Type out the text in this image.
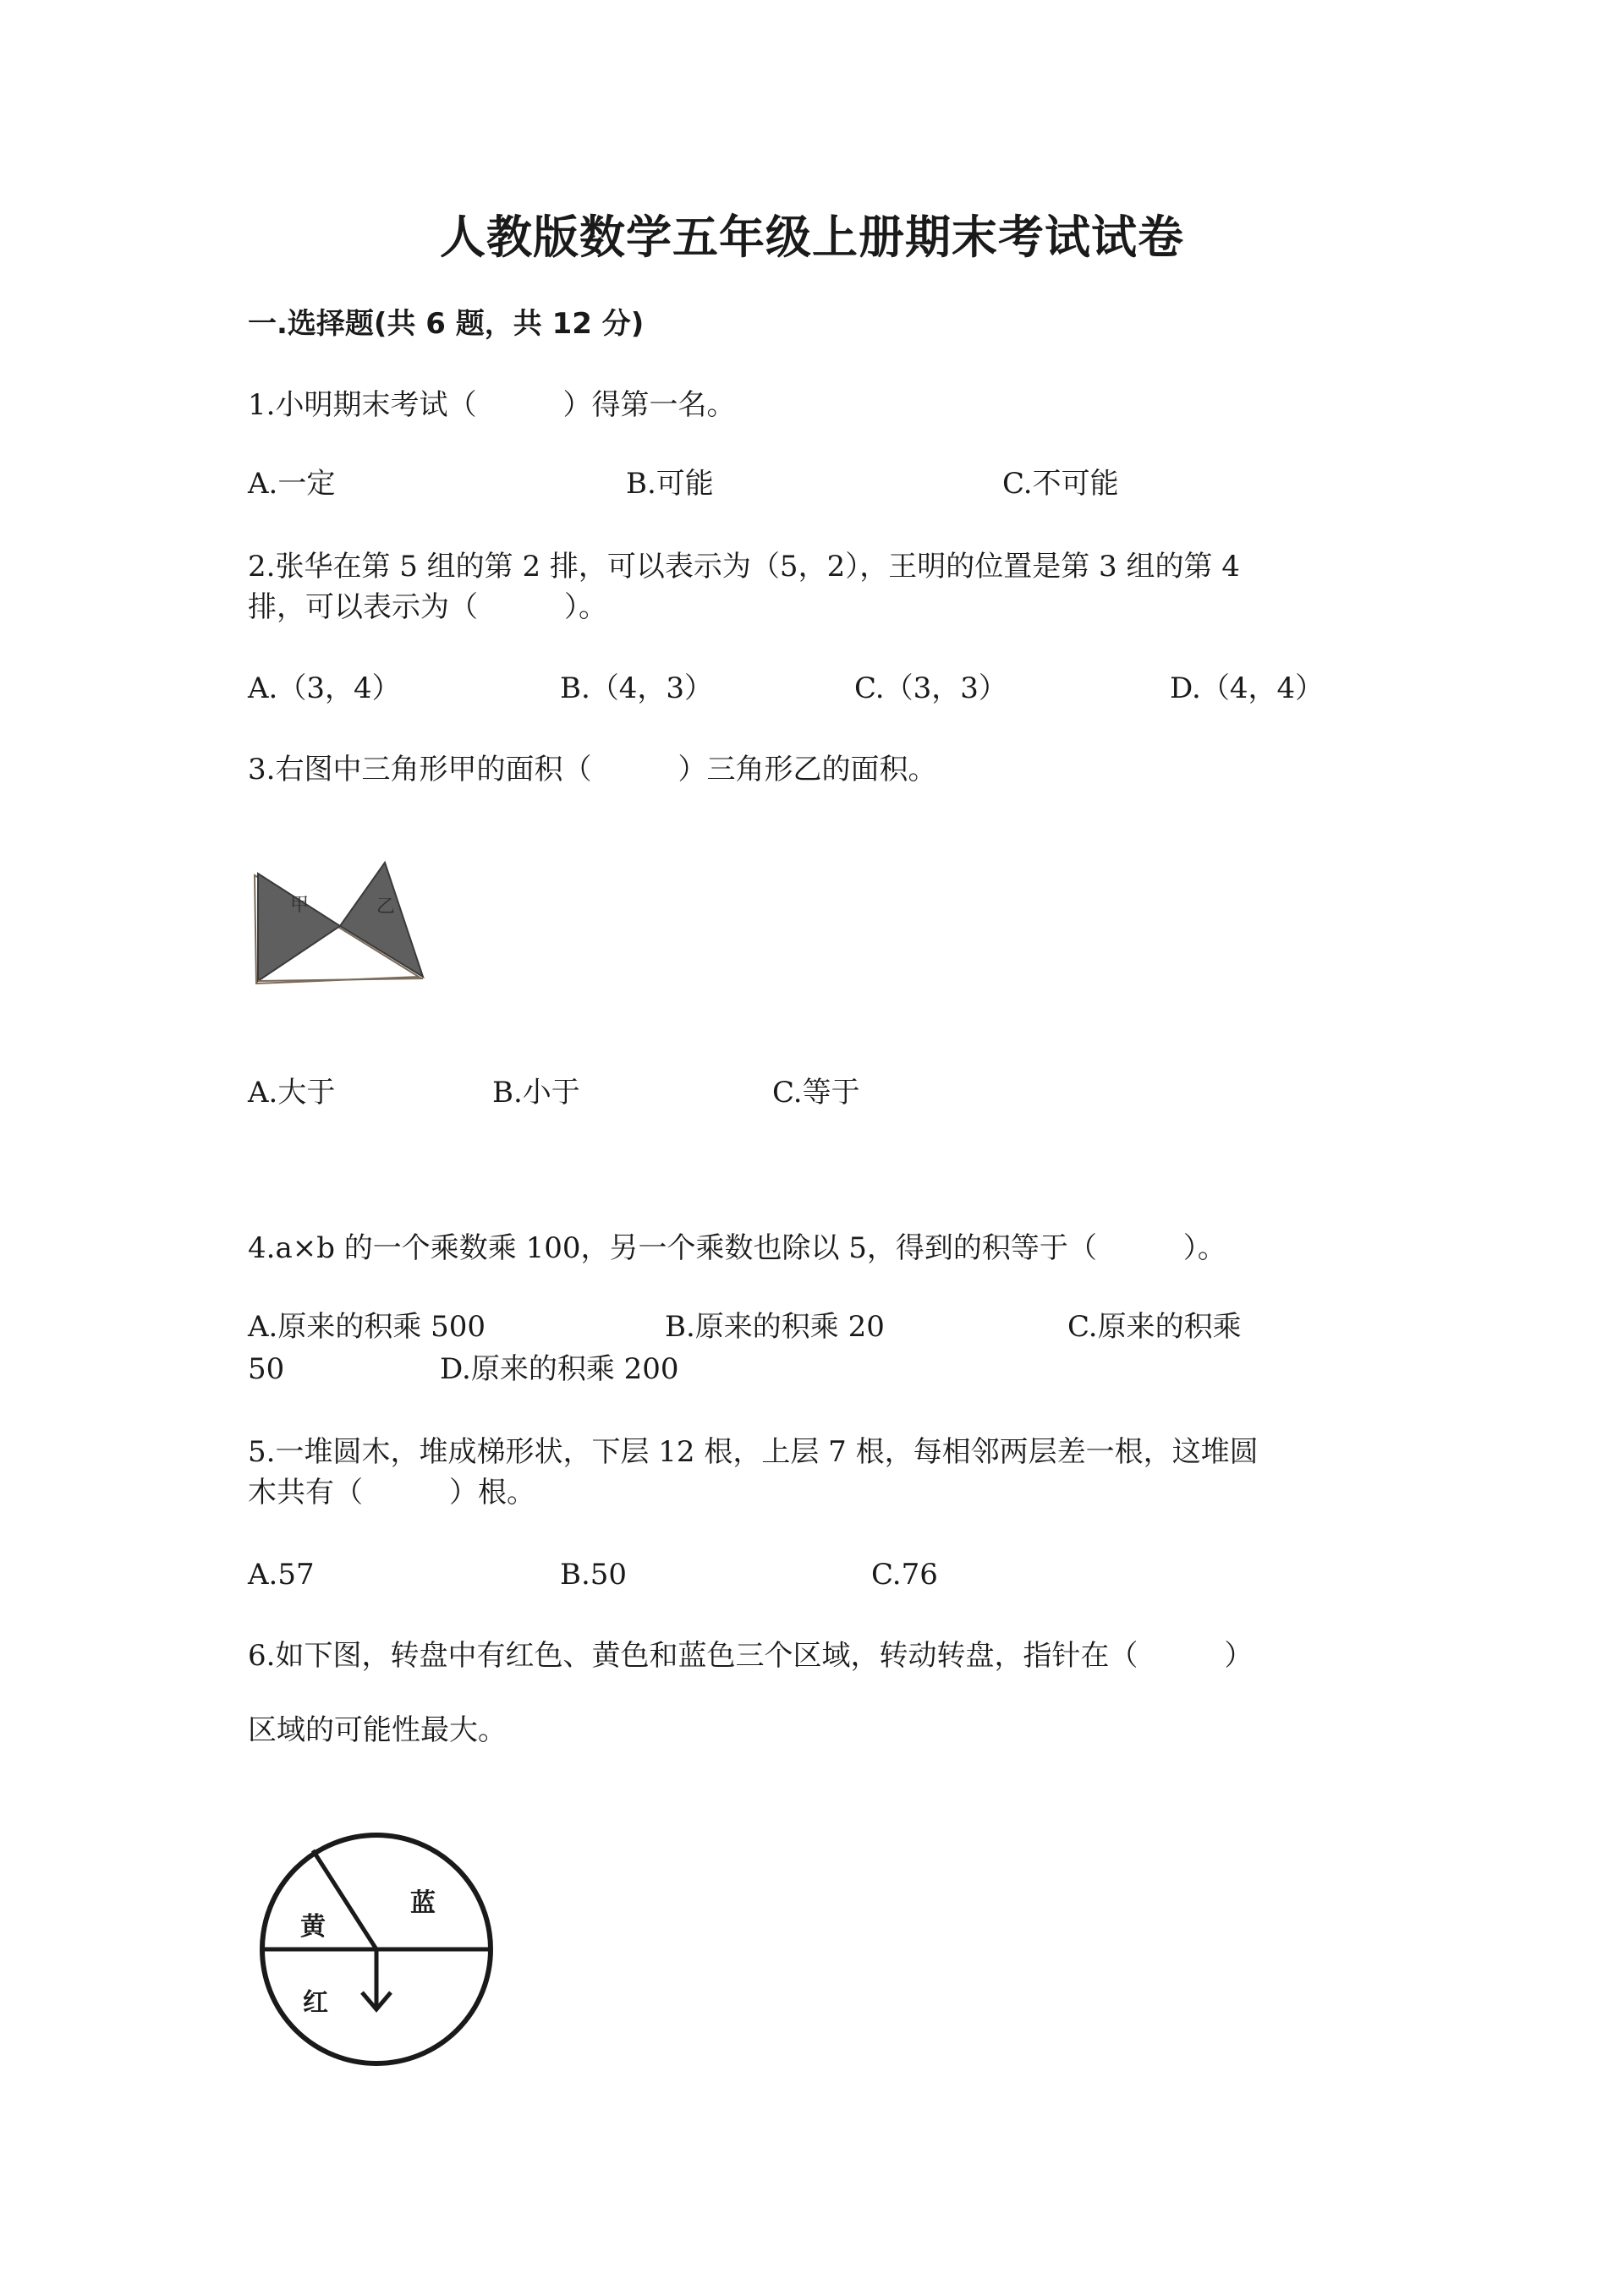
人教版数学五年级上册期末考试试卷
一.选择题(共 6 题，共 12 分)
1.小明期末考试（　　　）得第一名。
A.一定	B.可能	C.不可能
2.张华在第 5 组的第 2 排，可以表示为（5，2），王明的位置是第 3 组的第 4
排，可以表示为（　　　）。
A.（3，4）	B.（4，3）	C.（3，3）	D.（4，4）
3.右图中三角形甲的面积（　　　）三角形乙的面积。
甲	乙
A.大于	B.小于	C.等于
4.a×b 的一个乘数乘 100，另一个乘数也除以 5，得到的积等于（　　　）。
A.原来的积乘 500	B.原来的积乘 20	C.原来的积乘
50	D.原来的积乘 200
5.一堆圆木，堆成梯形状，下层 12 根，上层 7 根，每相邻两层差一根，这堆圆
木共有（　　　）根。
A.57	B.50	C.76
6.如下图，转盘中有红色、黄色和蓝色三个区域，转动转盘，指针在（　　　）
区域的可能性最大。
黄
蓝
红
